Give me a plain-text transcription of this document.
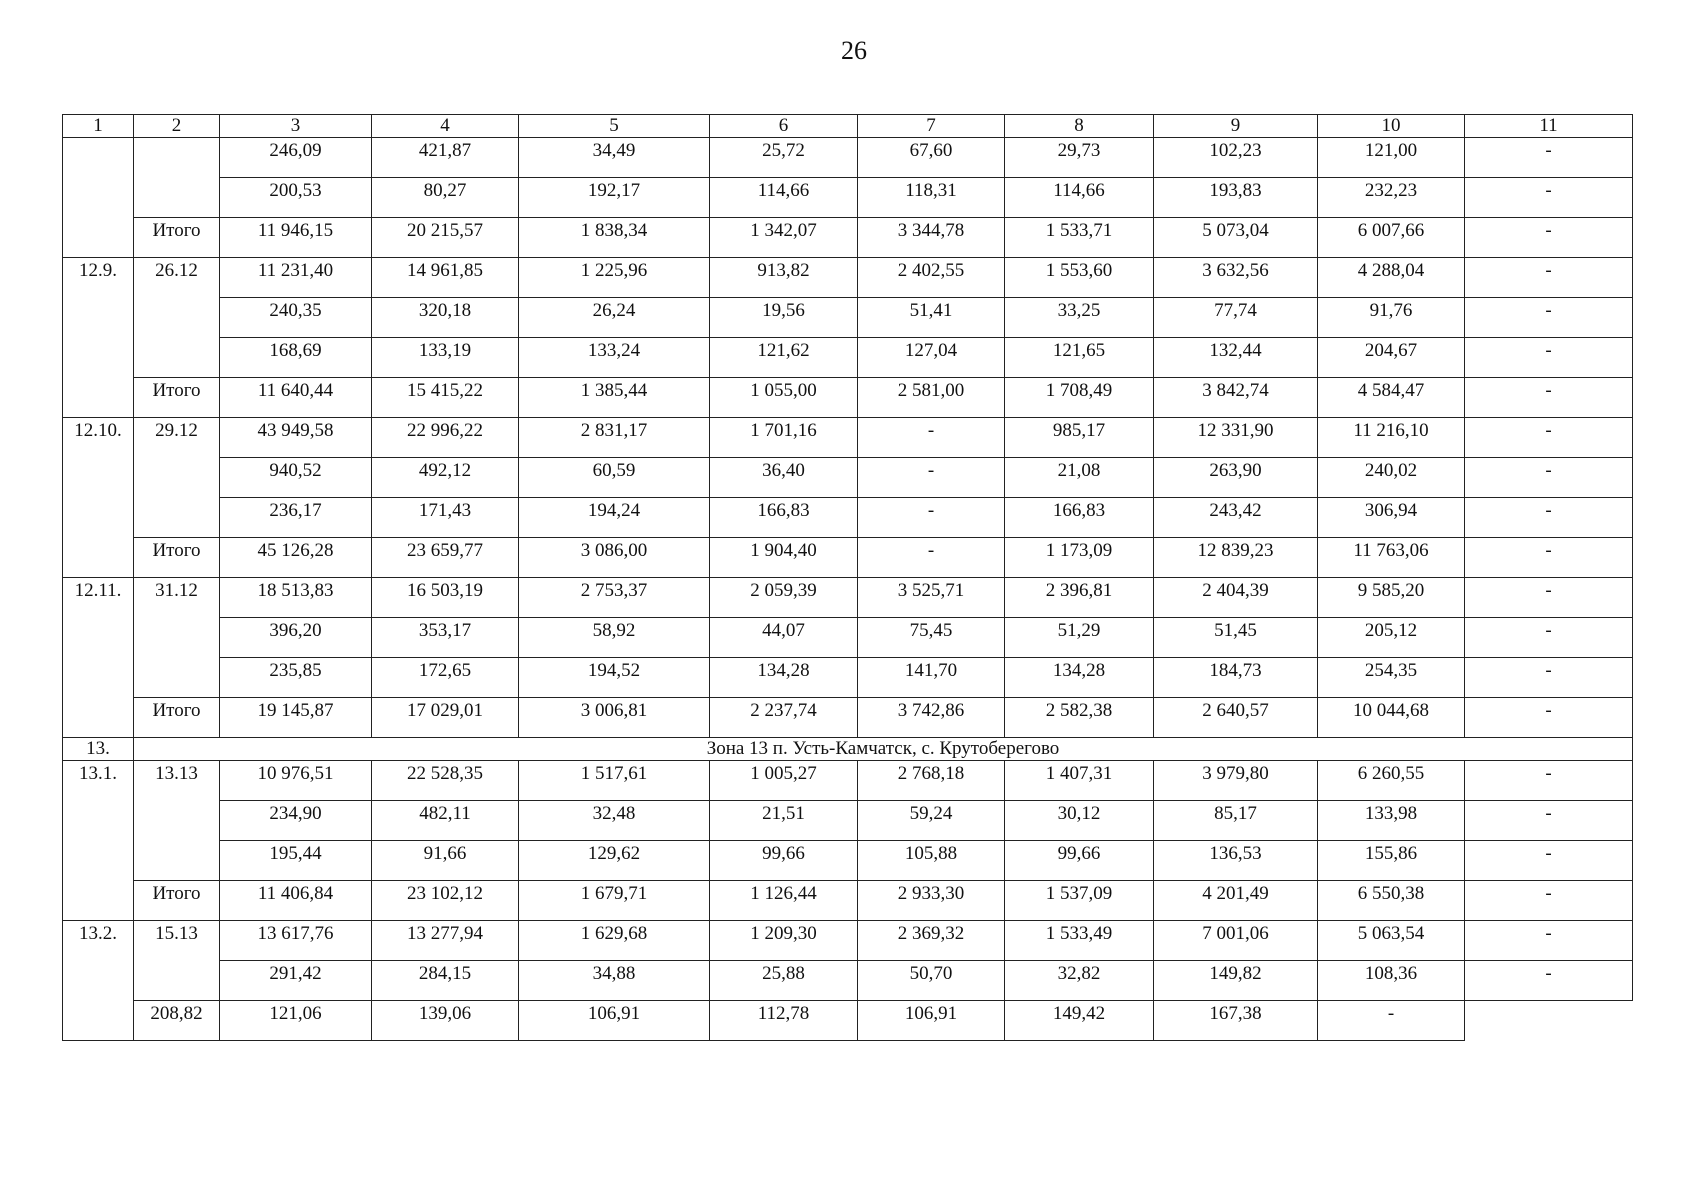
26
1	2	3	4	5	6	7	8	9	10	11
		246,09	421,87	34,49	25,72	67,60	29,73	102,23	121,00	-
		200,53	80,27	192,17	114,66	118,31	114,66	193,83	232,23	-
	Итого	11 946,15	20 215,57	1 838,34	1 342,07	3 344,78	1 533,71	5 073,04	6 007,66	-
12.9.	26.12	11 231,40	14 961,85	1 225,96	913,82	2 402,55	1 553,60	3 632,56	4 288,04	-
		240,35	320,18	26,24	19,56	51,41	33,25	77,74	91,76	-
		168,69	133,19	133,24	121,62	127,04	121,65	132,44	204,67	-
	Итого	11 640,44	15 415,22	1 385,44	1 055,00	2 581,00	1 708,49	3 842,74	4 584,47	-
12.10.	29.12	43 949,58	22 996,22	2 831,17	1 701,16	-	985,17	12 331,90	11 216,10	-
		940,52	492,12	60,59	36,40	-	21,08	263,90	240,02	-
		236,17	171,43	194,24	166,83	-	166,83	243,42	306,94	-
	Итого	45 126,28	23 659,77	3 086,00	1 904,40	-	1 173,09	12 839,23	11 763,06	-
12.11.	31.12	18 513,83	16 503,19	2 753,37	2 059,39	3 525,71	2 396,81	2 404,39	9 585,20	-
		396,20	353,17	58,92	44,07	75,45	51,29	51,45	205,12	-
		235,85	172,65	194,52	134,28	141,70	134,28	184,73	254,35	-
	Итого	19 145,87	17 029,01	3 006,81	2 237,74	3 742,86	2 582,38	2 640,57	10 044,68	-
13.	Зона 13 п. Усть-Камчатск, с. Крутоберегово									
13.1.	13.13	10 976,51	22 528,35	1 517,61	1 005,27	2 768,18	1 407,31	3 979,80	6 260,55	-
		234,90	482,11	32,48	21,51	59,24	30,12	85,17	133,98	-
		195,44	91,66	129,62	99,66	105,88	99,66	136,53	155,86	-
	Итого	11 406,84	23 102,12	1 679,71	1 126,44	2 933,30	1 537,09	4 201,49	6 550,38	-
13.2.	15.13	13 617,76	13 277,94	1 629,68	1 209,30	2 369,32	1 533,49	7 001,06	5 063,54	-
		291,42	284,15	34,88	25,88	50,70	32,82	149,82	108,36	-
	208,82	121,06	139,06	106,91	112,78	106,91	149,42	167,38	-	
